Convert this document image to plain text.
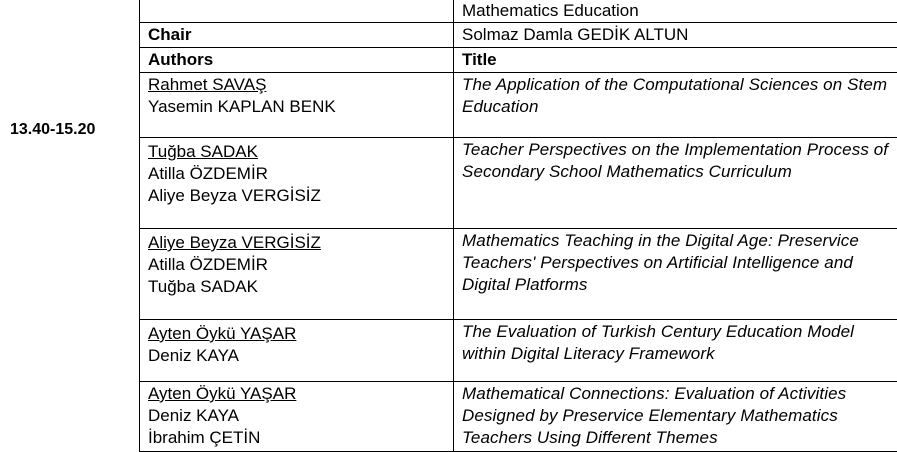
13.40-15.20
	Mathematics Education
Chair	Solmaz Damla GEDİK ALTUN
Authors	Title

Rahmet SAVAŞ
Yasemin KAPLAN BENK	The Application of the Computational Sciences on Stem Education

Tuğba SADAK
Atilla ÖZDEMİR
Aliye Beyza VERGİSİZ	Teacher Perspectives on the Implementation Process of Secondary School Mathematics Curriculum

Aliye Beyza VERGİSİZ
Atilla ÖZDEMİR
Tuğba SADAK	Mathematics Teaching in the Digital Age: Preservice Teachers' Perspectives on Artificial Intelligence and Digital Platforms

Ayten Öykü YAŞAR
Deniz KAYA	The Evaluation of Turkish Century Education Model within Digital Literacy Framework

Ayten Öykü YAŞAR
Deniz KAYA
İbrahim ÇETİN	Mathematical Connections: Evaluation of Activities Designed by Preservice Elementary Mathematics Teachers Using Different Themes
